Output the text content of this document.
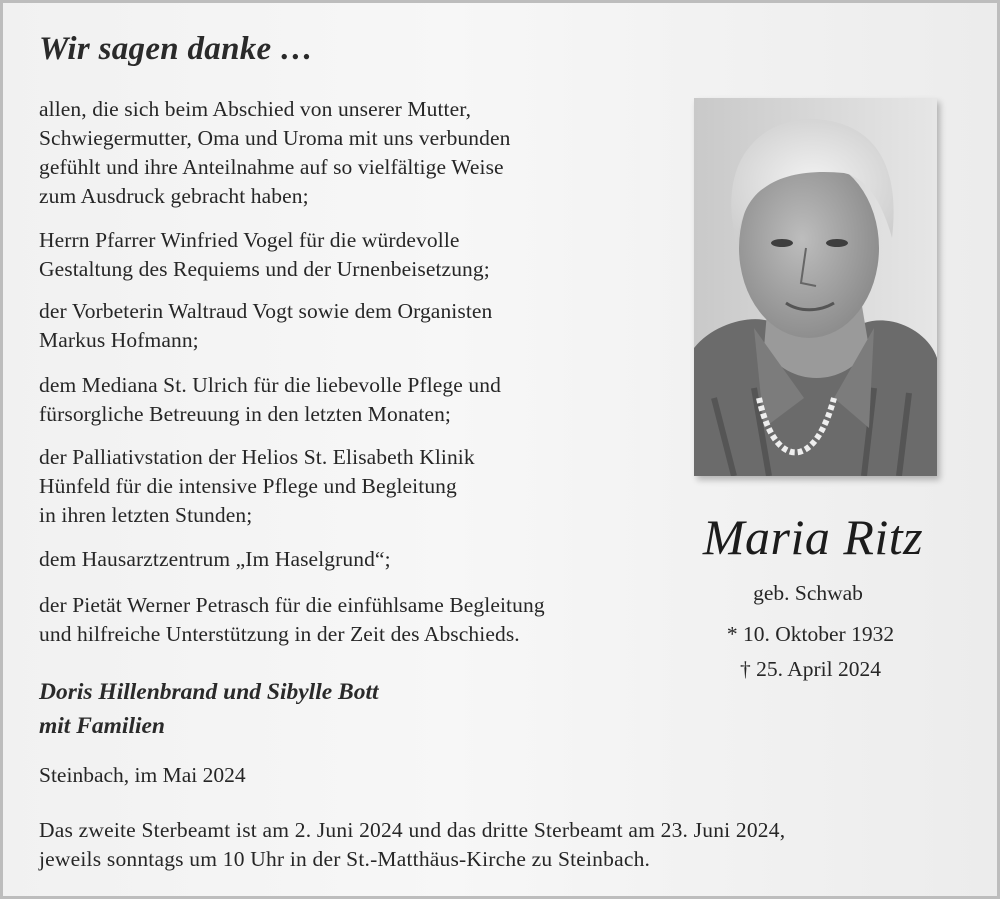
Wir sagen danke …
allen, die sich beim Abschied von unserer Mutter,
Schwiegermutter, Oma und Uroma mit uns verbunden
gefühlt und ihre Anteilnahme auf so vielfältige Weise
zum Ausdruck gebracht haben;
Herrn Pfarrer Winfried Vogel für die würdevolle
Gestaltung des Requiems und der Urnenbeisetzung;
der Vorbeterin Waltraud Vogt sowie dem Organisten
Markus Hofmann;
dem Mediana St. Ulrich für die liebevolle Pflege und
fürsorgliche Betreuung in den letzten Monaten;
der Palliativstation der Helios St. Elisabeth Klinik
Hünfeld für die intensive Pflege und Begleitung
in ihren letzten Stunden;
dem Hausarztzentrum „Im Haselgrund“;
der Pietät Werner Petrasch für die einfühlsame Begleitung
und hilfreiche Unterstützung in der Zeit des Abschieds.
Doris Hillenbrand und Sibylle Bott
mit Familien
Steinbach, im Mai 2024
Das zweite Sterbeamt ist am 2. Juni 2024 und das dritte Sterbeamt am 23. Juni 2024,
jeweils sonntags um 10 Uhr in der St.-Matthäus-Kirche zu Steinbach.
Maria Ritz
geb. Schwab
* 10. Oktober 1932
† 25. April 2024
